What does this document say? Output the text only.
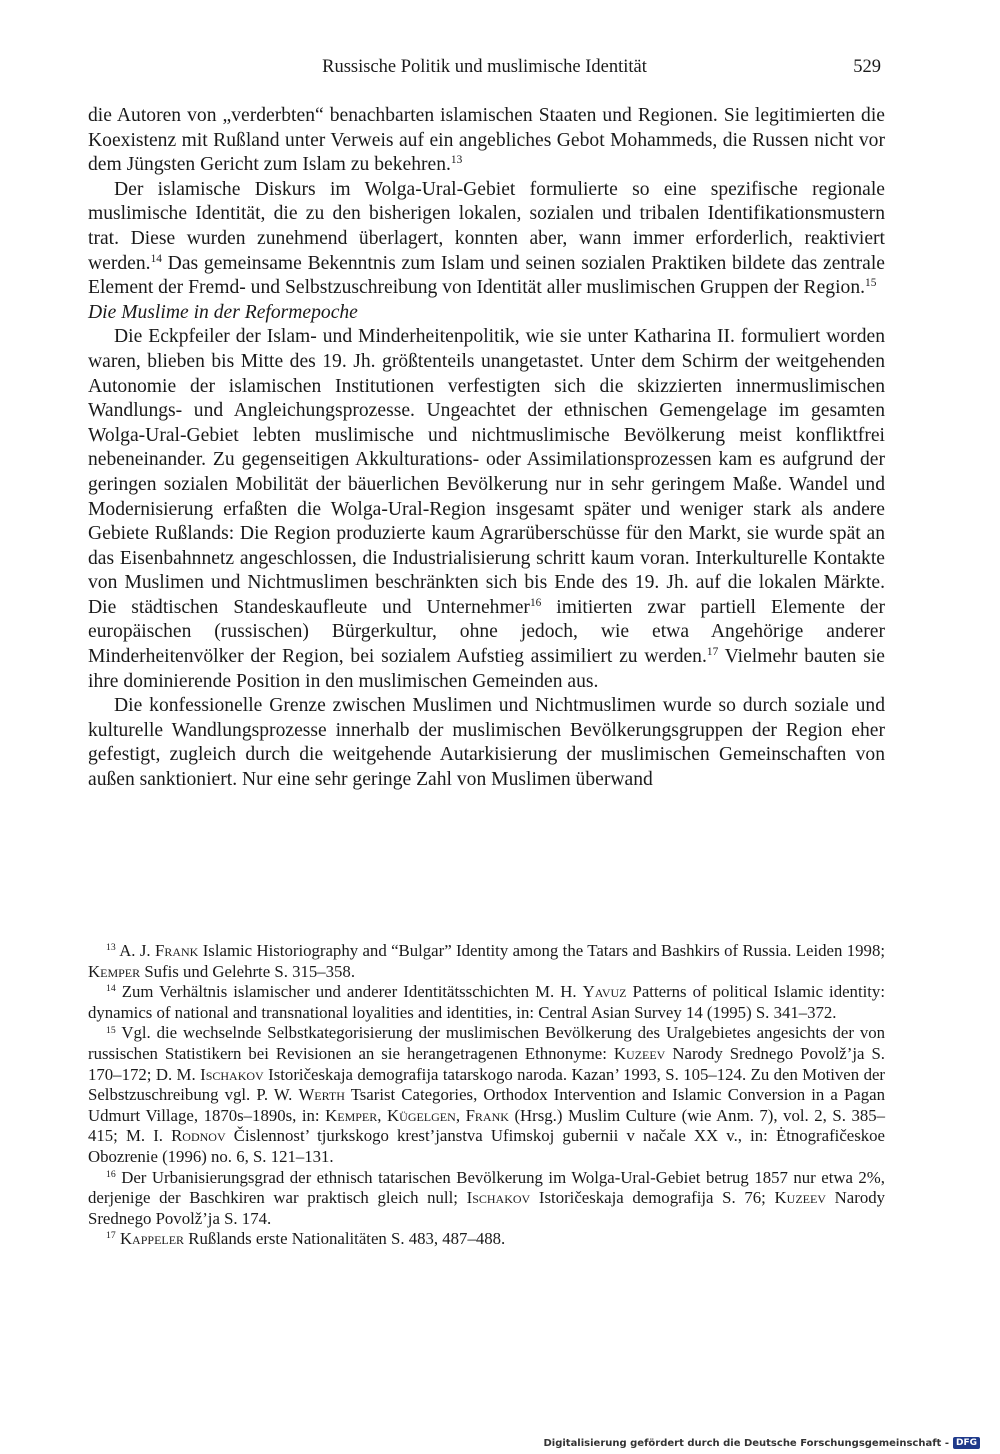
Russische Politik und muslimische Identität	529

die Autoren von „verderbten“ benachbarten islamischen Staaten und Regionen. Sie legitimierten die Koexistenz mit Rußland unter Verweis auf ein angebliches Gebot Mohammeds, die Russen nicht vor dem Jüngsten Gericht zum Islam zu bekehren.$^{13}$

Der islamische Diskurs im Wolga-Ural-Gebiet formulierte so eine spezifische regionale muslimische Identität, die zu den bisherigen lokalen, sozialen und tribalen Identifikationsmustern trat. Diese wurden zunehmend überlagert, konnten aber, wann immer erforderlich, reaktiviert werden.$^{14}$ Das gemeinsame Bekenntnis zum Islam und seinen sozialen Praktiken bildete das zentrale Element der Fremd- und Selbstzuschreibung von Identität aller muslimischen Gruppen der Region.$^{15}$

Die Muslime in der Reformepoche

Die Eckpfeiler der Islam- und Minderheitenpolitik, wie sie unter Katharina II. formuliert worden waren, blieben bis Mitte des 19. Jh. größtenteils unangetastet. Unter dem Schirm der weitgehenden Autonomie der islamischen Institutionen verfestigten sich die skizzierten innermuslimischen Wandlungs- und Angleichungsprozesse. Ungeachtet der ethnischen Gemengelage im gesamten Wolga-Ural-Gebiet lebten muslimische und nichtmuslimische Bevölkerung meist konfliktfrei nebeneinander. Zu gegenseitigen Akkulturations- oder Assimilationsprozessen kam es aufgrund der geringen sozialen Mobilität der bäuerlichen Bevölkerung nur in sehr geringem Maße. Wandel und Modernisierung erfaßten die Wolga-Ural-Region insgesamt später und weniger stark als andere Gebiete Rußlands: Die Region produzierte kaum Agrarüberschüsse für den Markt, sie wurde spät an das Eisenbahnnetz angeschlossen, die Industrialisierung schritt kaum voran. Interkulturelle Kontakte von Muslimen und Nichtmuslimen beschränkten sich bis Ende des 19. Jh. auf die lokalen Märkte. Die städtischen Standeskaufleute und Unternehmer$^{16}$ imitierten zwar partiell Elemente der europäischen (russischen) Bürgerkultur, ohne jedoch, wie etwa Angehörige anderer Minderheitenvölker der Region, bei sozialem Aufstieg assimiliert zu werden.$^{17}$ Vielmehr bauten sie ihre dominierende Position in den muslimischen Gemeinden aus.

Die konfessionelle Grenze zwischen Muslimen und Nichtmuslimen wurde so durch soziale und kulturelle Wandlungsprozesse innerhalb der muslimischen Bevölkerungsgruppen der Region eher gefestigt, zugleich durch die weitgehende Autarkisierung der muslimischen Gemeinschaften von außen sanktioniert. Nur eine sehr geringe Zahl von Muslimen überwand

$^{13}$ A. J. Frank Islamic Historiography and “Bulgar” Identity among the Tatars and Bashkirs of Russia. Leiden 1998; Kemper Sufis und Gelehrte S. 315–358.

$^{14}$ Zum Verhältnis islamischer und anderer Identitätsschichten M. H. Yavuz Patterns of political Islamic identity: dynamics of national and transnational loyalities and identities, in: Central Asian Survey 14 (1995) S. 341–372.

$^{15}$ Vgl. die wechselnde Selbstkategorisierung der muslimischen Bevölkerung des Uralgebietes angesichts der von russischen Statistikern bei Revisionen an sie herangetragenen Ethnonyme: Kuzeev Narody Srednego Povolž’ja S. 170–172; D. M. Ischakov Istoričeskaja demografija tatarskogo naroda. Kazan’ 1993, S. 105–124. Zu den Motiven der Selbstzuschreibung vgl. P. W. Werth Tsarist Categories, Orthodox Intervention and Islamic Conversion in a Pagan Udmurt Village, 1870s–1890s, in: Kemper, Kügelgen, Frank (Hrsg.) Muslim Culture (wie Anm. 7), vol. 2, S. 385–415; M. I. Rodnov Čislennost’ tjurkskogo krest’janstva Ufimskoj gubernii v načale XX v., in: Ėtnografičeskoe Obozrenie (1996) no. 6, S. 121–131.

$^{16}$ Der Urbanisierungsgrad der ethnisch tatarischen Bevölkerung im Wolga-Ural-Gebiet betrug 1857 nur etwa 2%, derjenige der Baschkiren war praktisch gleich null; Ischakov Istoričeskaja demografija S. 76; Kuzeev Narody Srednego Povolž’ja S. 174.

$^{17}$ Kappeler Rußlands erste Nationalitäten S. 483, 487–488.

Digitalisierung gefördert durch die Deutsche Forschungsgemeinschaft - DFG
